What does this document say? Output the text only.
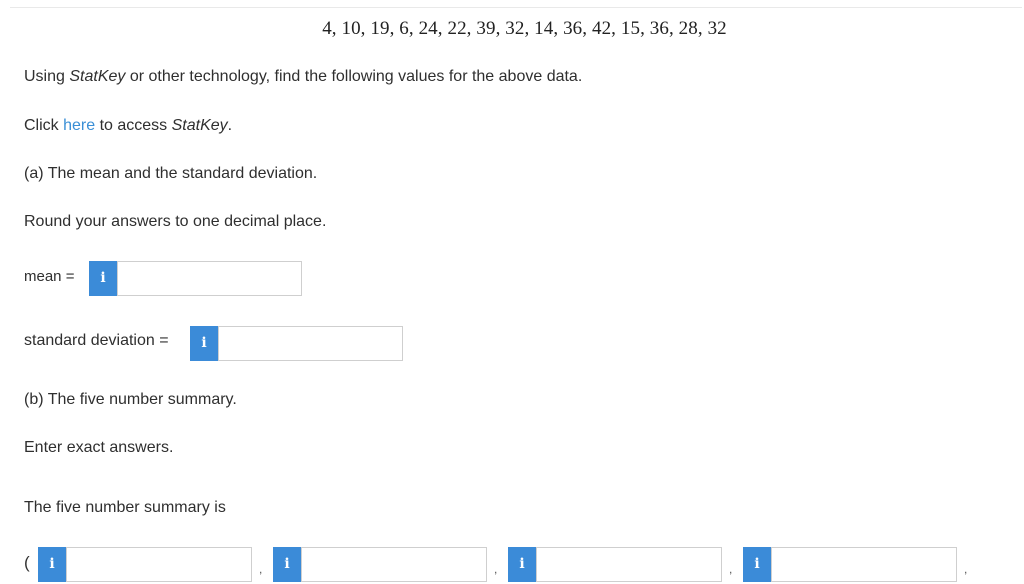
4, 10, 19, 6, 24, 22, 39, 32, 14, 36, 42, 15, 36, 28, 32
Using StatKey or other technology, find the following values for the above data.
Click here to access StatKey.
(a) The mean and the standard deviation.
Round your answers to one decimal place.
mean =	i
standard deviation =	i
(b) The five number summary.
Enter exact answers.
The five number summary is
(	i	,	i	,	i	,	i	,
